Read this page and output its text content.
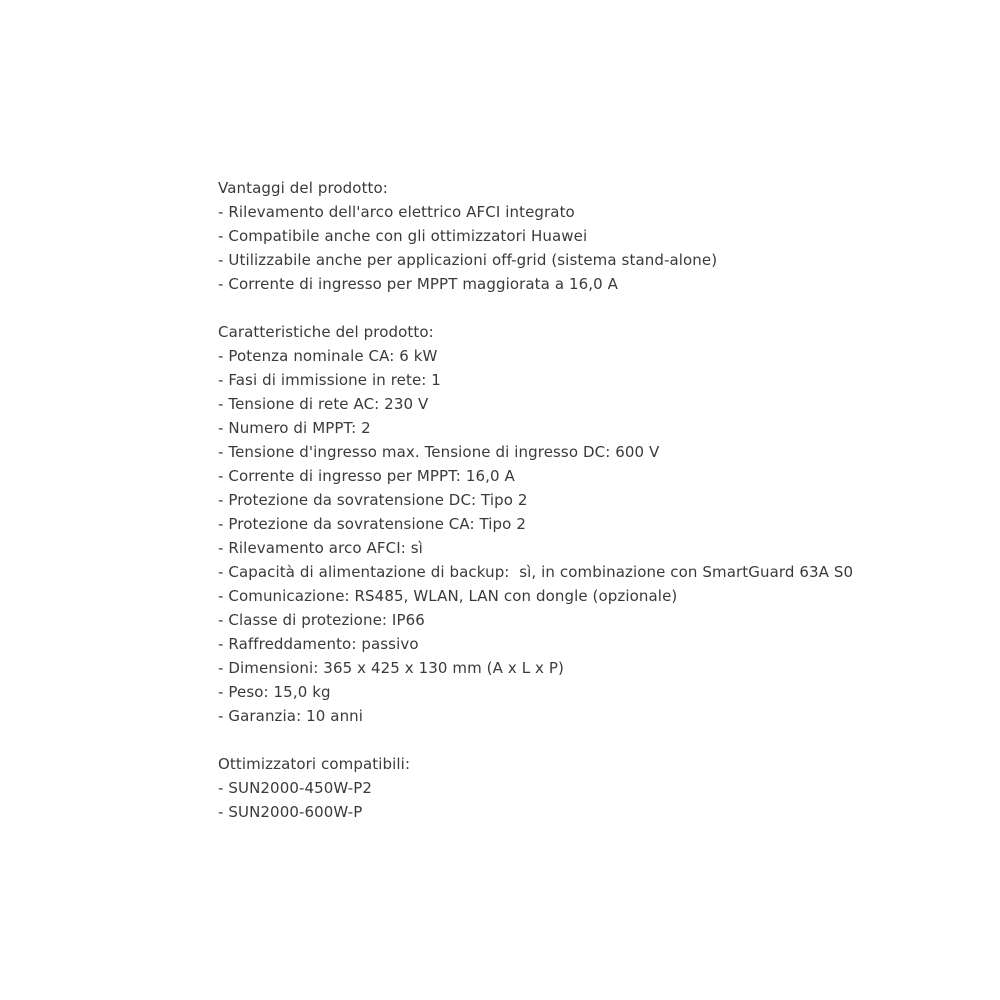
Vantaggi del prodotto:
- Rilevamento dell'arco elettrico AFCI integrato
- Compatibile anche con gli ottimizzatori Huawei
- Utilizzabile anche per applicazioni off-grid (sistema stand-alone)
- Corrente di ingresso per MPPT maggiorata a 16,0 A
Caratteristiche del prodotto:
- Potenza nominale CA: 6 kW
- Fasi di immissione in rete: 1
- Tensione di rete AC: 230 V
- Numero di MPPT: 2
- Tensione d'ingresso max. Tensione di ingresso DC: 600 V
- Corrente di ingresso per MPPT: 16,0 A
- Protezione da sovratensione DC: Tipo 2
- Protezione da sovratensione CA: Tipo 2
- Rilevamento arco AFCI: sì
- Capacità di alimentazione di backup:  sì, in combinazione con SmartGuard 63A S0
- Comunicazione: RS485, WLAN, LAN con dongle (opzionale)
- Classe di protezione: IP66
- Raffreddamento: passivo
- Dimensioni: 365 x 425 x 130 mm (A x L x P)
- Peso: 15,0 kg
- Garanzia: 10 anni
Ottimizzatori compatibili:
- SUN2000-450W-P2
- SUN2000-600W-P
